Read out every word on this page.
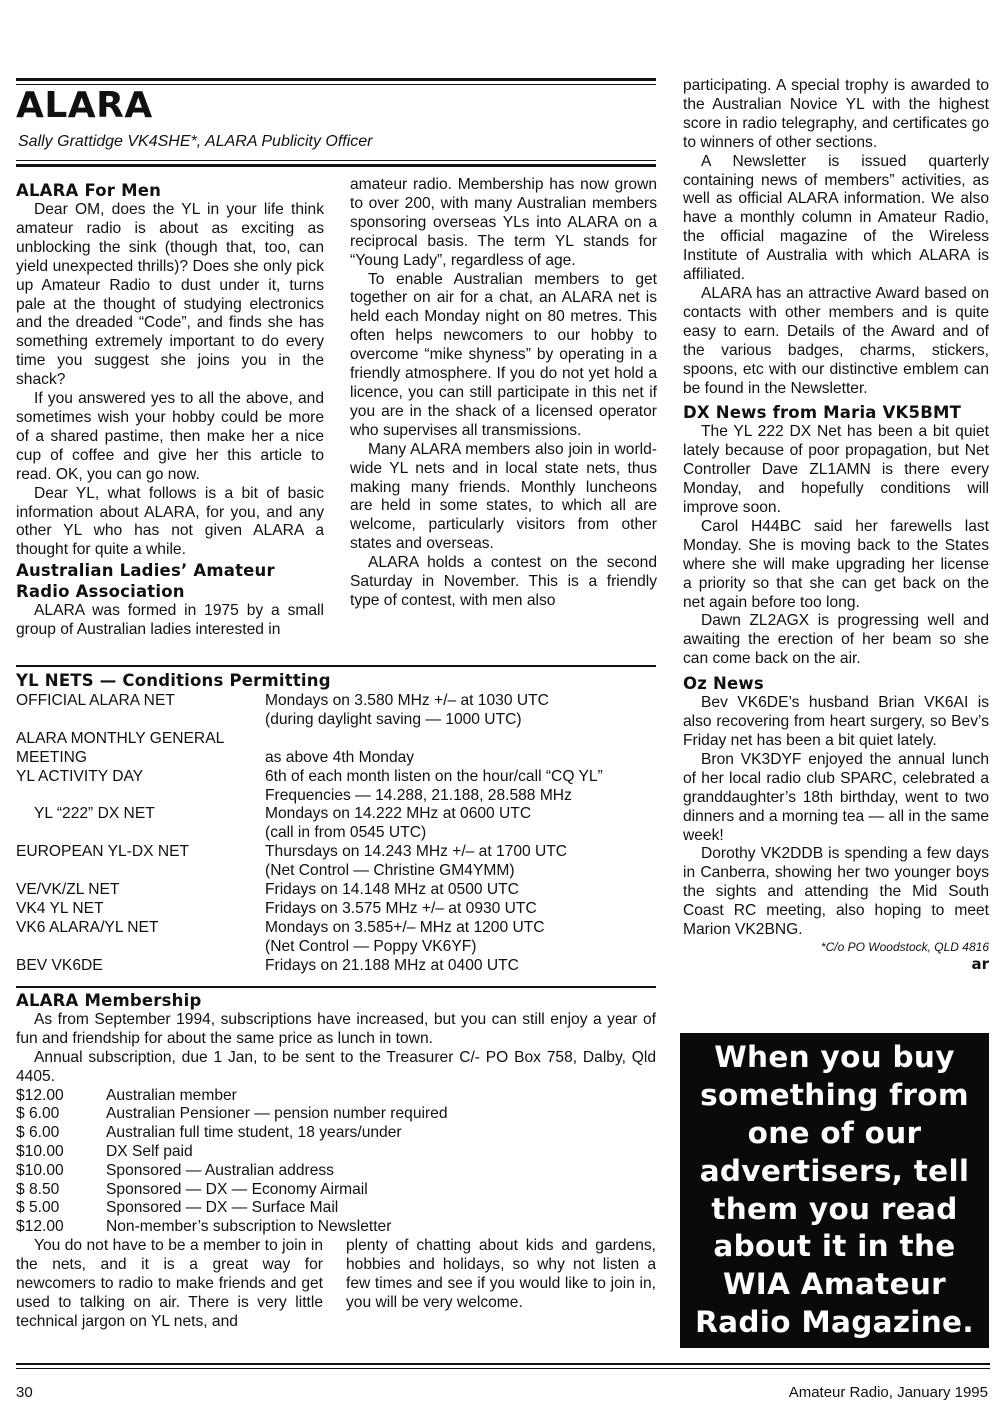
ALARA
Sally Grattidge VK4SHE*, ALARA Publicity Officer
ALARA For Men

Dear OM, does the YL in your life think amateur radio is about as exciting as unblocking the sink (though that, too, can yield unexpected thrills)? Does she only pick up Amateur Radio to dust under it, turns pale at the thought of studying electronics and the dreaded “Code”, and finds she has something extremely important to do every time you suggest she joins you in the shack?

If you answered yes to all the above, and sometimes wish your hobby could be more of a shared pastime, then make her a nice cup of coffee and give her this article to read. OK, you can go now.

Dear YL, what follows is a bit of basic information about ALARA, for you, and any other YL who has not given ALARA a thought for quite a while.

Australian Ladies’ Amateur Radio Association

ALARA was formed in 1975 by a small group of Australian ladies interested in

amateur radio. Membership has now grown to over 200, with many Australian members sponsoring overseas YLs into ALARA on a reciprocal basis. The term YL stands for “Young Lady”, regardless of age.

To enable Australian members to get together on air for a chat, an ALARA net is held each Monday night on 80 metres. This often helps newcomers to our hobby to overcome “mike shyness” by operating in a friendly atmosphere. If you do not yet hold a licence, you can still participate in this net if you are in the shack of a licensed operator who supervises all transmissions.

Many ALARA members also join in world-wide YL nets and in local state nets, thus making many friends. Monthly luncheons are held in some states, to which all are welcome, particularly visitors from other states and overseas.

ALARA holds a contest on the second Saturday in November. This is a friendly type of contest, with men also

YL NETS — Conditions Permitting
OFFICIAL ALARA NET	Mondays on 3.580 MHz +/– at 1030 UTC
(during daylight saving — 1000 UTC)
ALARA MONTHLY GENERAL
MEETING	as above 4th Monday
YL ACTIVITY DAY	6th of each month listen on the hour/call “CQ YL”
Frequencies — 14.288, 21.188, 28.588 MHz
YL “222” DX NET	Mondays on 14.222 MHz at 0600 UTC
(call in from 0545 UTC)
EUROPEAN YL-DX NET	Thursdays on 14.243 MHz +/– at 1700 UTC
(Net Control — Christine GM4YMM)
VE/VK/ZL NET	Fridays on 14.148 MHz at 0500 UTC
VK4 YL NET	Fridays on 3.575 MHz +/– at 0930 UTC
VK6 ALARA/YL NET	Mondays on 3.585+/– MHz at 1200 UTC
(Net Control — Poppy VK6YF)
BEV VK6DE	Fridays on 21.188 MHz at 0400 UTC
ALARA Membership

As from September 1994, subscriptions have increased, but you can still enjoy a year of fun and friendship for about the same price as lunch in town.

Annual subscription, due 1 Jan, to be sent to the Treasurer C/- PO Box 758, Dalby, Qld 4405.

$12.00	Australian member
$ 6.00	Australian Pensioner — pension number required
$ 6.00	Australian full time student, 18 years/under
$10.00	DX Self paid
$10.00	Sponsored — Australian address
$ 8.50	Sponsored — DX — Economy Airmail
$ 5.00	Sponsored — DX — Surface Mail
$12.00	Non-member’s subscription to Newsletter

You do not have to be a member to join in the nets, and it is a great way for newcomers to radio to make friends and get used to talking on air. There is very little technical jargon on YL nets, and

plenty of chatting about kids and gardens, hobbies and holidays, so why not listen a few times and see if you would like to join in, you will be very welcome.

participating. A special trophy is awarded to the Australian Novice YL with the highest score in radio telegraphy, and certificates go to winners of other sections.

A Newsletter is issued quarterly containing news of members” activities, as well as official ALARA information. We also have a monthly column in Amateur Radio, the official magazine of the Wireless Institute of Australia with which ALARA is affiliated.

ALARA has an attractive Award based on contacts with other members and is quite easy to earn. Details of the Award and of the various badges, charms, stickers, spoons, etc with our distinctive emblem can be found in the Newsletter.

DX News from Maria VK5BMT

The YL 222 DX Net has been a bit quiet lately because of poor propagation, but Net Controller Dave ZL1AMN is there every Monday, and hopefully conditions will improve soon.

Carol H44BC said her farewells last Monday. She is moving back to the States where she will make upgrading her license a priority so that she can get back on the net again before too long.

Dawn ZL2AGX is progressing well and awaiting the erection of her beam so she can come back on the air.

Oz News

Bev VK6DE’s husband Brian VK6AI is also recovering from heart surgery, so Bev’s Friday net has been a bit quiet lately.

Bron VK3DYF enjoyed the annual lunch of her local radio club SPARC, celebrated a granddaughter’s 18th birthday, went to two dinners and a morning tea — all in the same week!

Dorothy VK2DDB is spending a few days in Canberra, showing her two younger boys the sights and attending the Mid South Coast RC meeting, also hoping to meet Marion VK2BNG.

*C/o PO Woodstock, QLD 4816
ar
When you buy something from one of our advertisers, tell them you read about it in the WIA Amateur Radio Magazine.
30	Amateur Radio, January 1995
